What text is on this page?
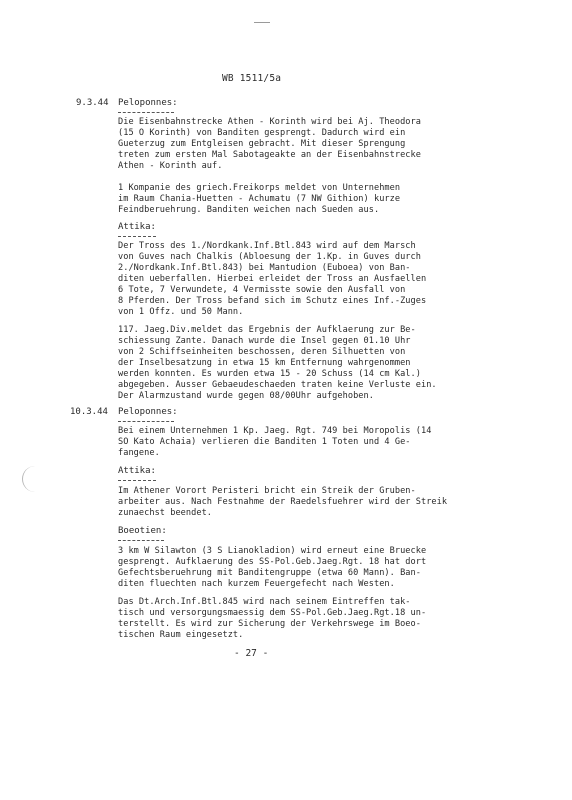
WB 1511/5a
9.3.44 Peloponnes:
Die Eisenbahnstrecke Athen - Korinth wird bei Aj. Theodora
(15 O Korinth) von Banditen gesprengt. Dadurch wird ein
Gueterzug zum Entgleisen gebracht. Mit dieser Sprengung
treten zum ersten Mal Sabotageakte an der Eisenbahnstrecke
Athen - Korinth auf.
1 Kompanie des griech.Freikorps meldet von Unternehmen
im Raum Chania-Huetten - Achumatu (7 NW Githion) kurze
Feindberuehrung. Banditen weichen nach Sueden aus.
Attika:
Der Tross des 1./Nordkank.Inf.Btl.843 wird auf dem Marsch
von Guves nach Chalkis (Abloesung der 1.Kp. in Guves durch
2./Nordkank.Inf.Btl.843) bei Mantudion (Euboea) von Ban-
diten ueberfallen. Hierbei erleidet der Tross an Ausfaellen
6 Tote, 7 Verwundete, 4 Vermisste sowie den Ausfall von
8 Pferden. Der Tross befand sich im Schutz eines Inf.-Zuges
von 1 Offz. und 50 Mann.
117. Jaeg.Div.meldet das Ergebnis der Aufklaerung zur Be-
schiessung Zante. Danach wurde die Insel gegen 01.10 Uhr
von 2 Schiffseinheiten beschossen, deren Silhuetten von
der Inselbesatzung in etwa 15 km Entfernung wahrgenommen
werden konnten. Es wurden etwa 15 - 20 Schuss (14 cm Kal.)
abgegeben. Ausser Gebaeudeschaeden traten keine Verluste ein.
Der Alarmzustand wurde gegen 08/00Uhr aufgehoben.
10.3.44 Peloponnes:
Bei einem Unternehmen 1 Kp. Jaeg. Rgt. 749 bei Moropolis (14
SO Kato Achaia) verlieren die Banditen 1 Toten und 4 Ge-
fangene.
Attika:
Im Athener Vorort Peristeri bricht ein Streik der Gruben-
arbeiter aus. Nach Festnahme der Raedelsfuehrer wird der Streik
zunaechst beendet.
Boeotien:
3 km W Silawton (3 S Lianokladion) wird erneut eine Bruecke
gesprengt. Aufklaerung des SS-Pol.Geb.Jaeg.Rgt. 18 hat dort
Gefechtsberuehrung mit Banditengruppe (etwa 60 Mann). Ban-
diten fluechten nach kurzem Feuergefecht nach Westen.
Das Dt.Arch.Inf.Btl.845 wird nach seinem Eintreffen tak-
tisch und versorgungsmaessig dem SS-Pol.Geb.Jaeg.Rgt.18 un-
terstellt. Es wird zur Sicherung der Verkehrswege im Boeo-
tischen Raum eingesetzt.
- 27 -
